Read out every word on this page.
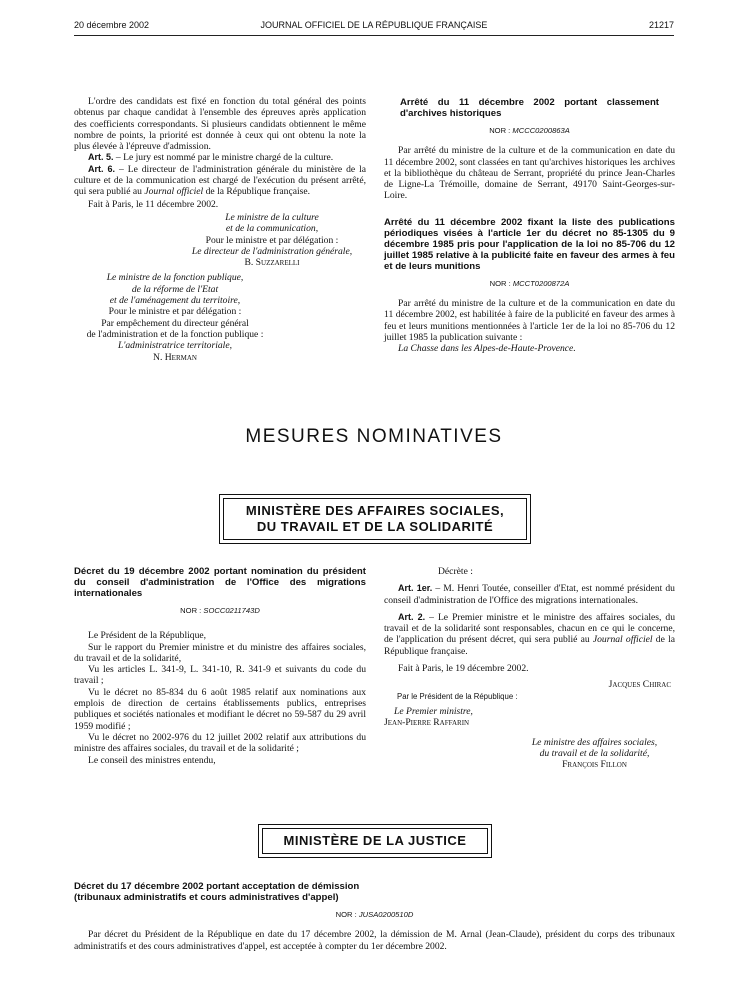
20 décembre 2002	JOURNAL OFFICIEL DE LA RÉPUBLIQUE FRANÇAISE	21217

L'ordre des candidats est fixé en fonction du total général des points obtenus par chaque candidat à l'ensemble des épreuves après application des coefficients correspondants. Si plusieurs candidats obtiennent le même nombre de points, la priorité est donnée à ceux qui ont obtenu la note la plus élevée à l'épreuve d'admission.

Art. 5. – Le jury est nommé par le ministre chargé de la culture.

Art. 6. – Le directeur de l'administration générale du ministère de la culture et de la communication est chargé de l'exécution du présent arrêté, qui sera publié au Journal officiel de la République française.

Fait à Paris, le 11 décembre 2002.

Le ministre de la culture
et de la communication,
Pour le ministre et par délégation :
Le directeur de l'administration générale,
B. Suzzarelli
Le ministre de la fonction publique,
de la réforme de l'Etat
et de l'aménagement du territoire,
Pour le ministre et par délégation :
Par empêchement du directeur général
de l'administration et de la fonction publique :
L'administratrice territoriale,
N. Herman
Arrêté du 11 décembre 2002 portant classement d'archives historiques
NOR : MCCC0200863A

Par arrêté du ministre de la culture et de la communication en date du 11 décembre 2002, sont classées en tant qu'archives historiques les archives et la bibliothèque du château de Serrant, propriété du prince Jean-Charles de Ligne-La Trémoille, domaine de Serrant, 49170 Saint-Georges-sur-Loire.

Arrêté du 11 décembre 2002 fixant la liste des publications périodiques visées à l'article 1er du décret no 85-1305 du 9 décembre 1985 pris pour l'application de la loi no 85-706 du 12 juillet 1985 relative à la publicité faite en faveur des armes à feu et de leurs munitions
NOR : MCCT0200872A

Par arrêté du ministre de la culture et de la communication en date du 11 décembre 2002, est habilitée à faire de la publicité en faveur des armes à feu et leurs munitions mentionnées à l'article 1er de la loi no 85-706 du 12 juillet 1985 la publication suivante :

La Chasse dans les Alpes-de-Haute-Provence.

MESURES NOMINATIVES
MINISTÈRE DES AFFAIRES SOCIALES,
DU TRAVAIL ET DE LA SOLIDARITÉ
Décret du 19 décembre 2002 portant nomination du président du conseil d'administration de l'Office des migrations internationales
NOR : SOCC0211743D

Le Président de la République,

Sur le rapport du Premier ministre et du ministre des affaires sociales, du travail et de la solidarité,

Vu les articles L. 341-9, L. 341-10, R. 341-9 et suivants du code du travail ;

Vu le décret no 85-834 du 6 août 1985 relatif aux nominations aux emplois de direction de certains établissements publics, entreprises publiques et sociétés nationales et modifiant le décret no 59-587 du 29 avril 1959 modifié ;

Vu le décret no 2002-976 du 12 juillet 2002 relatif aux attributions du ministre des affaires sociales, du travail et de la solidarité ;

Le conseil des ministres entendu,

Décrète :

Art. 1er. – M. Henri Toutée, conseiller d'Etat, est nommé président du conseil d'administration de l'Office des migrations internationales.

Art. 2. – Le Premier ministre et le ministre des affaires sociales, du travail et de la solidarité sont responsables, chacun en ce qui le concerne, de l'application du présent décret, qui sera publié au Journal officiel de la République française.

Fait à Paris, le 19 décembre 2002.

Jacques Chirac
Par le Président de la République :
Le Premier ministre,
Jean-Pierre Raffarin
Le ministre des affaires sociales,
du travail et de la solidarité,
François Fillon
MINISTÈRE DE LA JUSTICE
Décret du 17 décembre 2002 portant acceptation de démission
(tribunaux administratifs et cours administratives d'appel)
NOR : JUSA0200510D

Par décret du Président de la République en date du 17 décembre 2002, la démission de M. Arnal (Jean-Claude), président du corps des tribunaux administratifs et des cours administratives d'appel, est acceptée à compter du 1er décembre 2002.
